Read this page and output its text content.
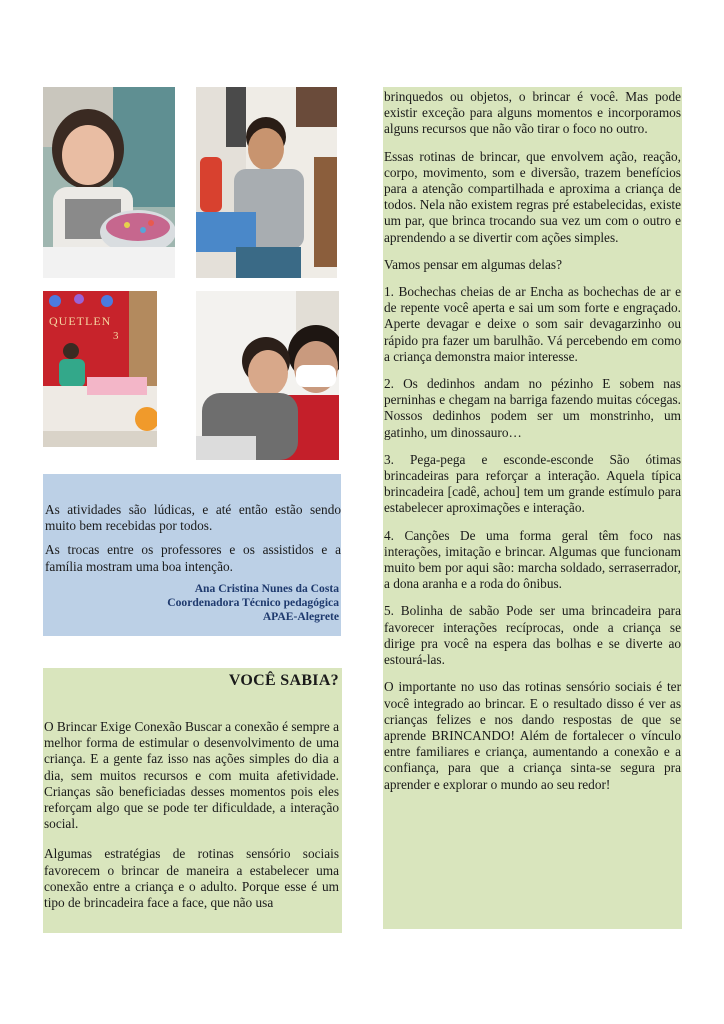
QUETLEN
3

As atividades são lúdicas, e até então estão sendo muito bem recebidas por todos.

As trocas entre os professores e os assistidos e a família mostram uma boa intenção.

Ana Cristina Nunes da Costa
Coordenadora Técnico pedagógica
APAE-Alegrete
VOCÊ SABIA?

O Brincar Exige Conexão Buscar a conexão é sempre a melhor forma de estimular o desenvolvimento de uma criança. E a gente faz isso nas ações simples do dia a dia, sem muitos recursos e com muita afetividade. Crianças são beneficiadas desses momentos pois eles reforçam algo que se pode ter dificuldade, a interação social.

Algumas estratégias de rotinas sensório sociais favorecem o brincar de maneira a estabelecer uma conexão entre a criança e o adulto. Porque esse é um tipo de brincadeira face a face, que não usa

brinquedos ou objetos, o brincar é você. Mas pode existir exceção para alguns momentos e incorporamos alguns recursos que não vão tirar o foco no outro.

Essas rotinas de brincar, que envolvem ação, reação, corpo, movimento, som e diversão, trazem benefícios para a atenção compartilhada e aproxima a criança de todos. Nela não existem regras pré estabelecidas, existe um par, que brinca trocando sua vez um com o outro e aprendendo a se divertir com ações simples.

Vamos pensar em algumas delas?

1. Bochechas cheias de ar Encha as bochechas de ar e de repente você aperta e sai um som forte e engraçado. Aperte devagar e deixe o som sair devagarzinho ou rápido pra fazer um barulhão. Vá percebendo em como a criança demonstra maior interesse.

2. Os dedinhos andam no pézinho E sobem nas perninhas e chegam na barriga fazendo muitas cócegas. Nossos dedinhos podem ser um monstrinho, um gatinho, um dinossauro…

3. Pega-pega e esconde-esconde São ótimas brincadeiras para reforçar a interação. Aquela típica brincadeira [cadê, achou] tem um grande estímulo para estabelecer aproximações e interação.

4. Canções De uma forma geral têm foco nas interações, imitação e brincar. Algumas que funcionam muito bem por aqui são: marcha soldado, serraserrador, a dona aranha e a roda do ônibus.

5. Bolinha de sabão Pode ser uma brincadeira para favorecer interações recíprocas, onde a criança se dirige pra você na espera das bolhas e se diverte ao estourá-las.

O importante no uso das rotinas sensório sociais é ter você integrado ao brincar. E o resultado disso é ver as crianças felizes e nos dando respostas de que se aprende BRINCANDO! Além de fortalecer o vínculo entre familiares e criança, aumentando a conexão e a confiança, para que a criança sinta-se segura pra aprender e explorar o mundo ao seu redor!
